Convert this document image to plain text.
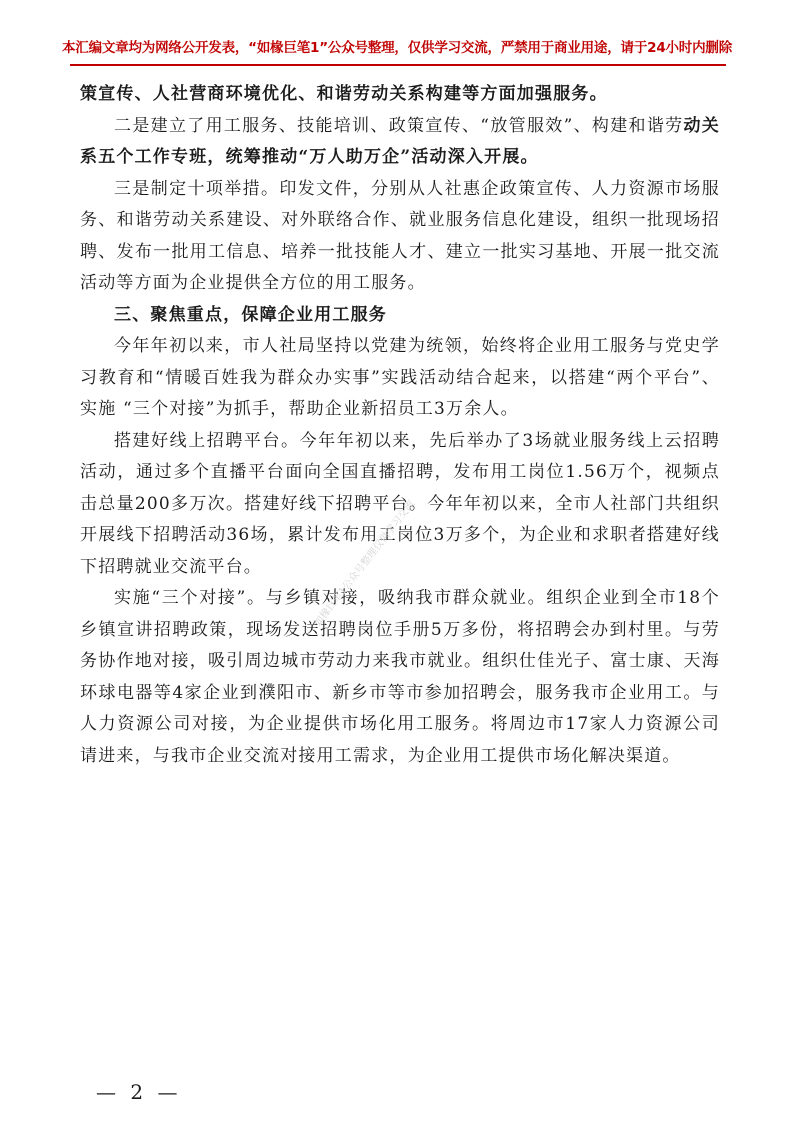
本汇编文章均为网络公开发表，“如椽巨笔1”公众号整理，仅供学习交流，严禁用于商业用途，请于24小时内删除

策宣传、人社营商环境优化、和谐劳动关系构建等方面加强服务。

二是建立了用工服务、技能培训、政策宣传、“放管服效”、构建和谐劳动关系五个工作专班，统筹推动“万人助万企”活动深入开展。

三是制定十项举措。印发文件，分别从人社惠企政策宣传、人力资源市场服务、和谐劳动关系建设、对外联络合作、就业服务信息化建设，组织一批现场招聘、发布一批用工信息、培养一批技能人才、建立一批实习基地、开展一批交流活动等方面为企业提供全方位的用工服务。

三、聚焦重点，保障企业用工服务

今年年初以来，市人社局坚持以党建为统领，始终将企业用工服务与党史学习教育和“情暖百姓我为群众办实事”实践活动结合起来，以搭建“两个平台”、实施 “三个对接”为抓手，帮助企业新招员工3万余人。

搭建好线上招聘平台。今年年初以来，先后举办了3场就业服务线上云招聘活动，通过多个直播平台面向全国直播招聘，发布用工岗位1.56万个，视频点击总量200多万次。搭建好线下招聘平台。今年年初以来，全市人社部门共组织开展线下招聘活动36场，累计发布用工岗位3万多个，为企业和求职者搭建好线下招聘就业交流平台。

实施“三个对接”。与乡镇对接，吸纳我市群众就业。组织企业到全市18个乡镇宣讲招聘政策，现场发送招聘岗位手册5万多份，将招聘会办到村里。与劳务协作地对接，吸引周边城市劳动力来我市就业。组织仕佳光子、富士康、天海环球电器等4家企业到濮阳市、新乡市等市参加招聘会，服务我市企业用工。与人力资源公司对接，为企业提供市场化用工服务。将周边市17家人力资源公司请进来，与我市企业交流对接用工需求，为企业用工提供市场化解决渠道。

如椽巨笔1公众号整理仅供学习交流
— 2 —
